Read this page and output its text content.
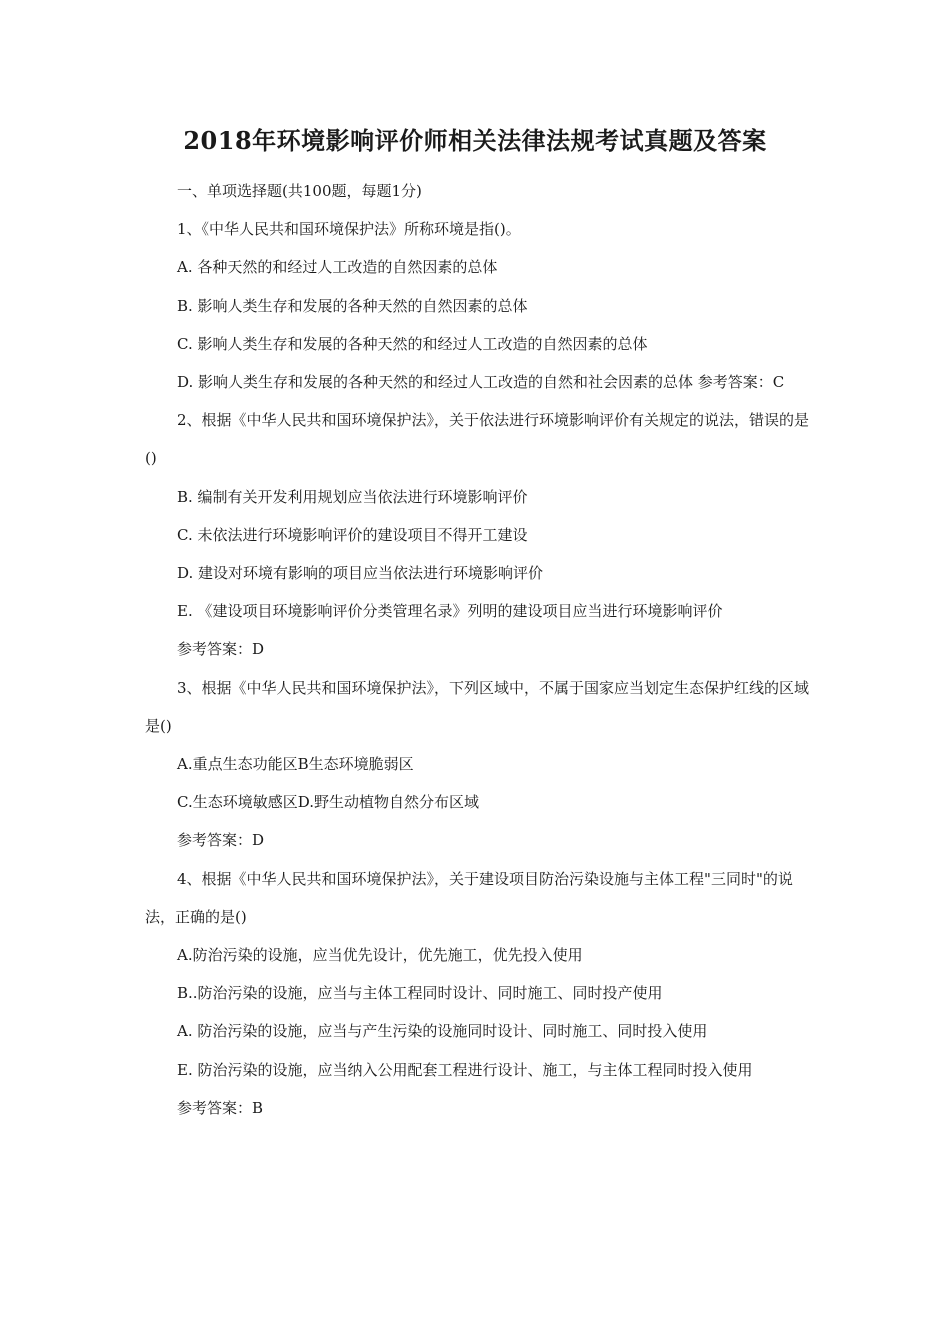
2018年环境影响评价师相关法律法规考试真题及答案

一、单项选择题(共100题，每题1分)

1、《中华人民共和国环境保护法》所称环境是指()。

A. 各种天然的和经过人工改造的自然因素的总体

B. 影响人类生存和发展的各种天然的自然因素的总体

C. 影响人类生存和发展的各种天然的和经过人工改造的自然因素的总体

D. 影响人类生存和发展的各种天然的和经过人工改造的自然和社会因素的总体 参考答案：C

2、根据《中华人民共和国环境保护法》，关于依法进行环境影响评价有关规定的说法，错误的是()

B. 编制有关开发利用规划应当依法进行环境影响评价

C. 未依法进行环境影响评价的建设项目不得开工建设

D. 建设对环境有影响的项目应当依法进行环境影响评价

E. 《建设项目环境影响评价分类管理名录》列明的建设项目应当进行环境影响评价

参考答案：D

3、根据《中华人民共和国环境保护法》，下列区域中，不属于国家应当划定生态保护红线的区域是()

A.重点生态功能区B生态环境脆弱区

C.生态环境敏感区D.野生动植物自然分布区域

参考答案：D

4、根据《中华人民共和国环境保护法》，关于建设项目防治污染设施与主体工程"三同时"的说法，正确的是()

A.防治污染的设施，应当优先设计，优先施工，优先投入使用

B..防治污染的设施，应当与主体工程同时设计、同时施工、同时投产使用

A. 防治污染的设施，应当与产生污染的设施同时设计、同时施工、同时投入使用

E. 防治污染的设施，应当纳入公用配套工程进行设计、施工，与主体工程同时投入使用

参考答案：B
